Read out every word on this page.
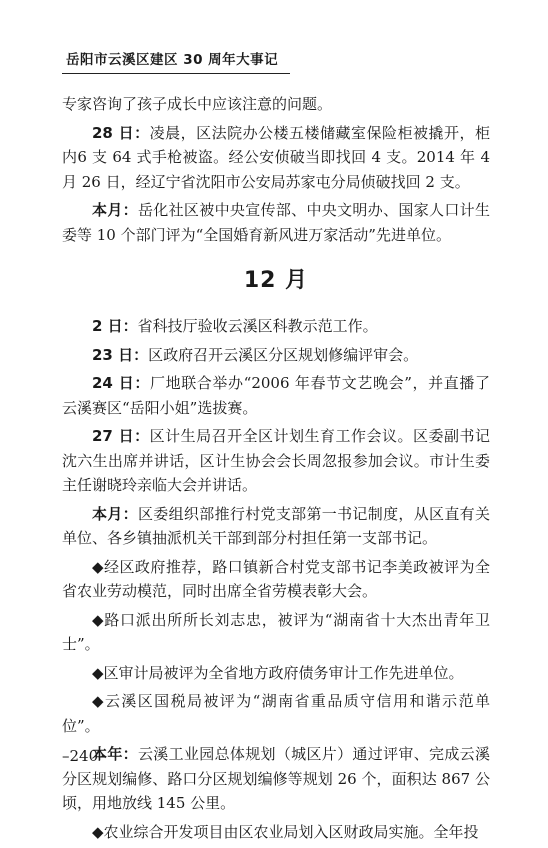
岳阳市云溪区建区 30 周年大事记

专家咨询了孩子成长中应该注意的问题。

28 日：凌晨，区法院办公楼五楼储藏室保险柜被撬开，柜内6 支 64 式手枪被盗。经公安侦破当即找回 4 支。2014 年 4 月 26 日，经辽宁省沈阳市公安局苏家屯分局侦破找回 2 支。

本月：岳化社区被中央宣传部、中央文明办、国家人口计生委等 10 个部门评为“全国婚育新风进万家活动”先进单位。

12 月

2 日：省科技厅验收云溪区科教示范工作。

23 日：区政府召开云溪区分区规划修编评审会。

24 日：厂地联合举办“2006 年春节文艺晚会”，并直播了云溪赛区“岳阳小姐”选拔赛。

27 日：区计生局召开全区计划生育工作会议。区委副书记沈六生出席并讲话，区计生协会会长周忽报参加会议。市计生委主任谢晓玲亲临大会并讲话。

本月：区委组织部推行村党支部第一书记制度，从区直有关单位、各乡镇抽派机关干部到部分村担任第一支部书记。

◆经区政府推荐，路口镇新合村党支部书记李美政被评为全省农业劳动模范，同时出席全省劳模表彰大会。

◆路口派出所所长刘志忠，被评为“湖南省十大杰出青年卫士”。

◆区审计局被评为全省地方政府债务审计工作先进单位。

◆云溪区国税局被评为“湖南省重品质守信用和谐示范单位”。

本年：云溪工业园总体规划（城区片）通过评审、完成云溪分区规划编修、路口分区规划编修等规划 26 个，面积达 867 公顷，用地放线 145 公里。

◆农业综合开发项目由区农业局划入区财政局实施。全年投

–240–
